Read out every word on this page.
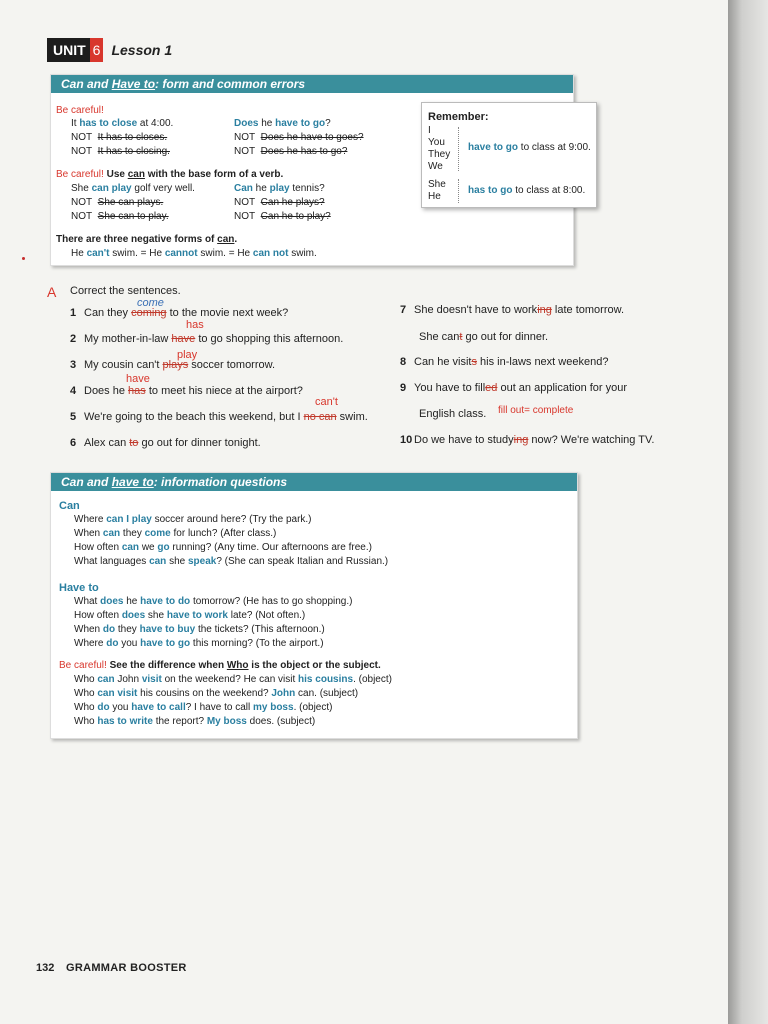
UNIT 6 Lesson 1
Can and Have to: form and common errors
Be careful!
It has to close at 4:00.
NOT It has to closes.
NOT It has to closing.
Does he have to go?
NOT Does he have to goes?
NOT Does he has to go?
Be careful! Use can with the base form of a verb.
She can play golf very well.
NOT She can plays.
NOT She can to play.
Can he play tennis?
NOT Can he plays?
NOT Can he to play?
There are three negative forms of can.
He can't swim. = He cannot swim. = He can not swim.
Remember:
I
You
They
We
have to go to class at 9:00.
She
He
has to go to class at 8:00.
A Correct the sentences.
come
1 Can they coming to the movie next week?
has
2 My mother-in-law have to go shopping this afternoon.
play
3 My cousin can't plays soccer tomorrow.
have
4 Does he has to meet his niece at the airport?
can't
5 We're going to the beach this weekend, but I no can swim.
6 Alex can to go out for dinner tonight.
7 She doesn't have to working late tomorrow.
She cant go out for dinner.
8 Can he visits his in-laws next weekend?
9 You have to filled out an application for your
English class. fill out= complete
10 Do we have to studying now? We're watching TV.
Can and have to: information questions
Can
Where can I play soccer around here? (Try the park.)
When can they come for lunch? (After class.)
How often can we go running? (Any time. Our afternoons are free.)
What languages can she speak? (She can speak Italian and Russian.)
Have to
What does he have to do tomorrow? (He has to go shopping.)
How often does she have to work late? (Not often.)
When do they have to buy the tickets? (This afternoon.)
Where do you have to go this morning? (To the airport.)
Be careful! See the difference when Who is the object or the subject.
Who can John visit on the weekend? He can visit his cousins. (object)
Who can visit his cousins on the weekend? John can. (subject)
Who do you have to call? I have to call my boss. (object)
Who has to write the report? My boss does. (subject)
132 GRAMMAR BOOSTER
